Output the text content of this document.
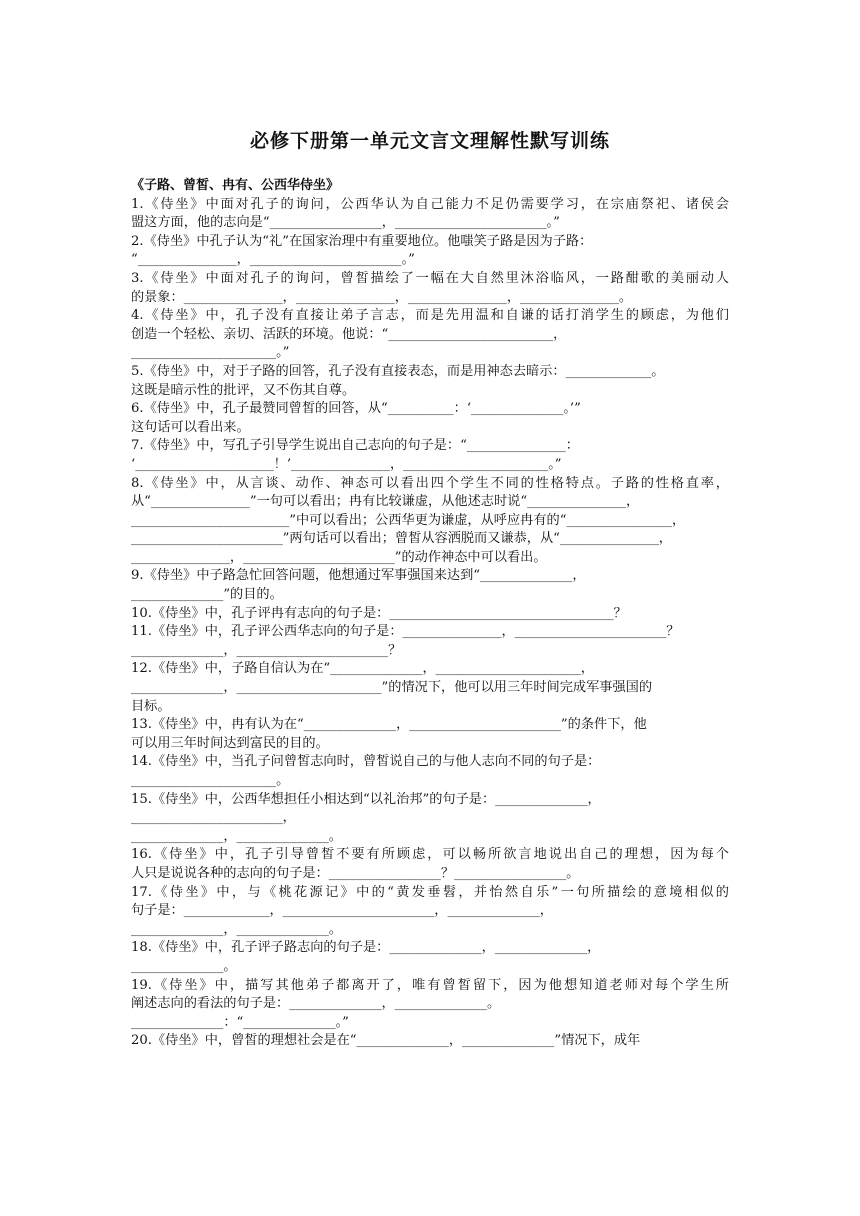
必修下册第一单元文言文理解性默写训练
《子路、曾皙、冉有、公西华侍坐》
1.《侍坐》中面对孔子的询问，公西华认为自己能力不足仍需要学习，在宗庙祭祀、诸侯会
盟这方面，他的志向是“_________________，_______________________。”
2.《侍坐》中孔子认为“礼”在国家治理中有重要地位。他嗤笑子路是因为子路：
“_______________，_______________________。”
3.《侍坐》中面对孔子的询问，曾皙描绘了一幅在大自然里沐浴临风，一路酣歌的美丽动人
的景象：_______________，_______________，_______________，_______________。
4.《侍坐》中，孔子没有直接让弟子言志，而是先用温和自谦的话打消学生的顾虑，为他们
创造一个轻松、亲切、活跃的环境。他说：“_________________________，
______________________。”
5.《侍坐》中，对于子路的回答，孔子没有直接表态，而是用神态去暗示：_____________。
这既是暗示性的批评，又不伤其自尊。
6.《侍坐》中，孔子最赞同曾皙的回答，从“__________：‘______________。’”
这句话可以看出来。
7.《侍坐》中，写孔子引导学生说出自己志向的句子是：“_______________：
‘_____________________！’_______________，______________________。”
8.《侍坐》中，从言谈、动作、神态可以看出四个学生不同的性格特点。子路的性格直率，
从“_______________”一句可以看出；冉有比较谦虚，从他述志时说“_______________，
________________________”中可以看出；公西华更为谦虚，从呼应冉有的“________________，
_______________________”两句话可以看出；曾皙从容洒脱而又谦恭，从“_______________，
_______________，_______________________”的动作神态中可以看出。
9.《侍坐》中子路急忙回答问题，他想通过军事强国来达到“______________，
______________”的目的。
10.《侍坐》中，孔子评冉有志向的句子是：__________________________________？
11.《侍坐》中，孔子评公西华志向的句子是：_______________，_______________________？
______________，_______________________？
12.《侍坐》中，子路自信认为在“______________，______________________，
______________，______________________”的情况下，他可以用三年时间完成军事强国的
目标。
13.《侍坐》中，冉有认为在“______________，_______________________”的条件下，他
可以用三年时间达到富民的目的。
14.《侍坐》中，当孔子问曾皙志向时，曾皙说自己的与他人志向不同的句子是：
______________________。
15.《侍坐》中，公西华想担任小相达到“以礼治邦”的句子是：______________，
_______________________，
______________，______________。
16.《侍坐》中，孔子引导曾皙不要有所顾虑，可以畅所欲言地说出自己的理想，因为每个
人只是说说各种的志向的句子是：_________________？_________________。
17.《侍坐》中，与《桃花源记》中的“黄发垂髫，并怡然自乐”一句所描绘的意境相似的
句子是：_____________，_______________________，______________，
______________，______________。
18.《侍坐》中，孔子评子路志向的句子是：______________，______________，
______________。
19.《侍坐》中，描写其他弟子都离开了，唯有曾皙留下，因为他想知道老师对每个学生所
阐述志向的看法的句子是：______________，______________。
______________：“______________。”
20.《侍坐》中，曾皙的理想社会是在“______________，______________”情况下，成年
